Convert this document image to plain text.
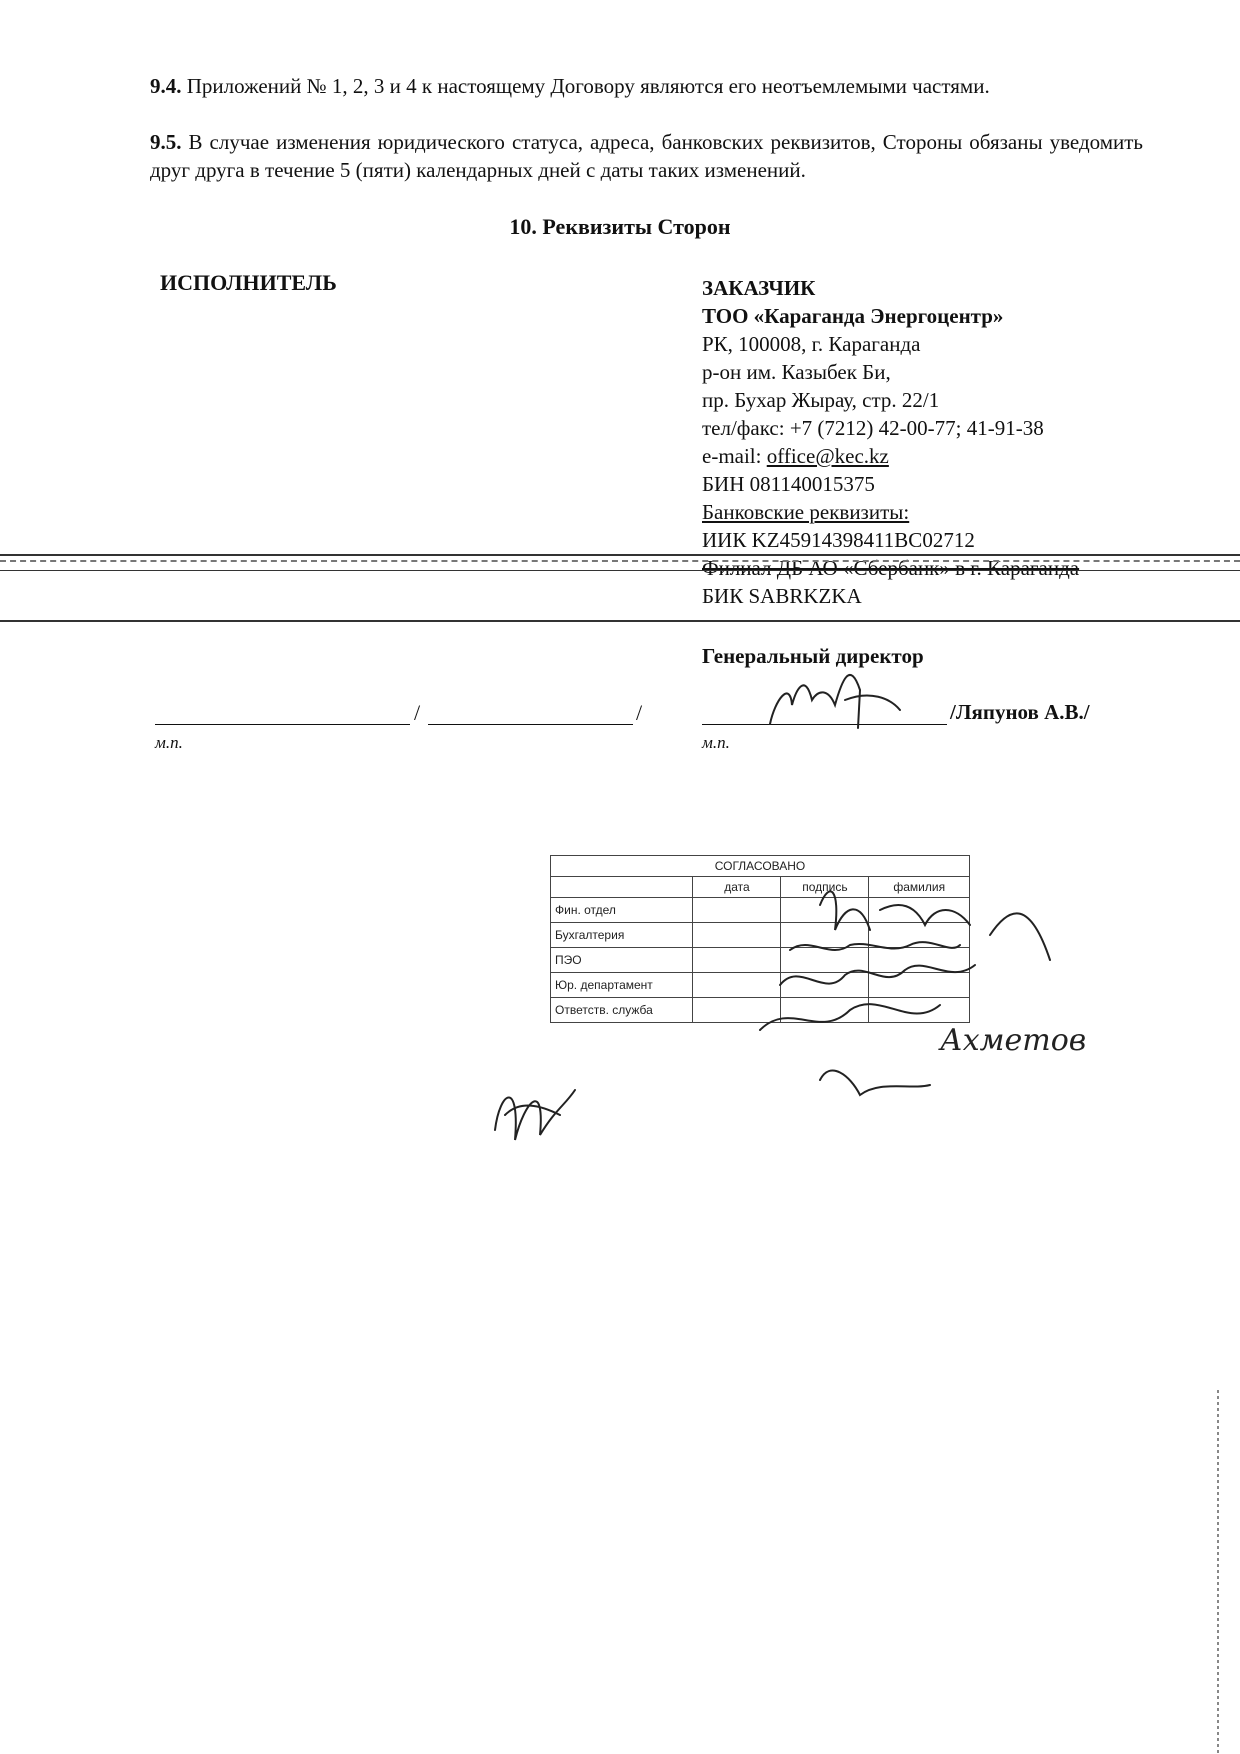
9.4. Приложений № 1, 2, 3 и 4 к настоящему Договору являются его неотъемлемыми частями.
9.5. В случае изменения юридического статуса, адреса, банковских реквизитов, Стороны обязаны уведомить друг друга в течение 5 (пяти) календарных дней с даты таких изменений.
10. Реквизиты Сторон
ИСПОЛНИТЕЛЬ	ЗАКАЗЧИК
ТОО «Караганда Энергоцентр»
РК, 100008, г. Караганда
р-он им. Казыбек Би,
пр. Бухар Жырау, стр. 22/1
тел/факс: +7 (7212) 42-00-77; 41-91-38
e-mail: office@kec.kz
БИН 081140015375
Банковские реквизиты:
ИИК KZ45914398411BC02712
Филиал ДБ АО «Сбербанк» в г. Караганда
БИК SABRKZKA
Генеральный директор
/	/
м.п.
/Ляпунов А.В./
м.п.
СОГЛАСОВАНО			
	дата	подпись	фамилия
Фин. отдел			
Бухгалтерия			
ПЭО			
Юр. департамент			
Ответств. служба			
Ахметов
